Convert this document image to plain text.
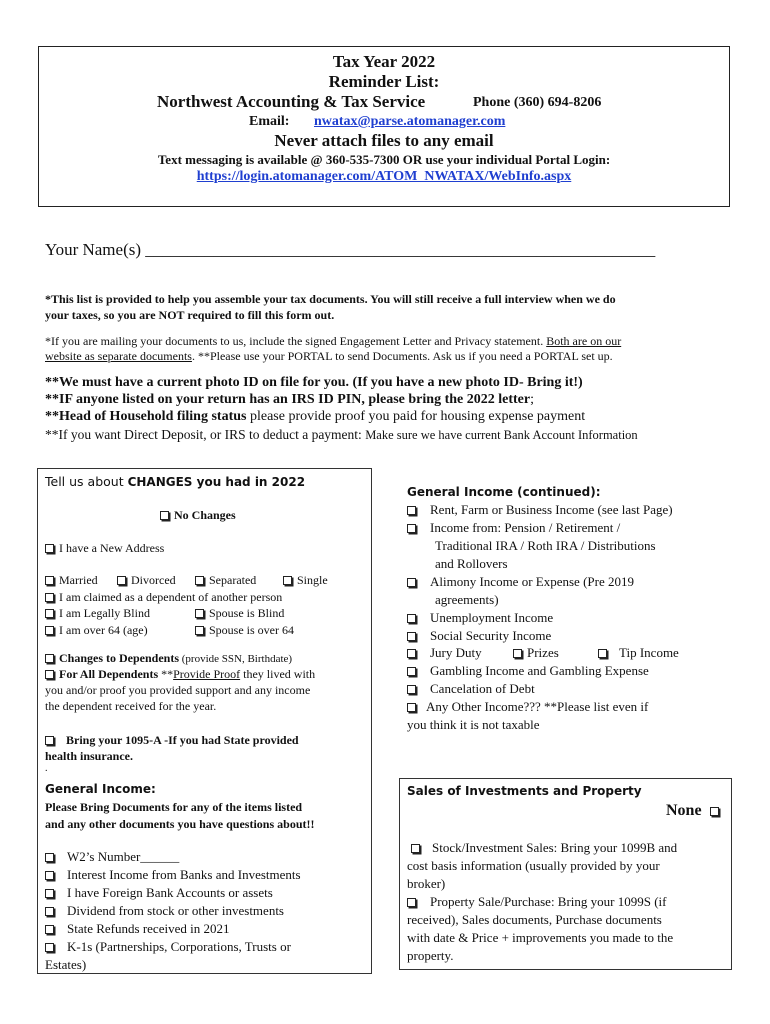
Tax Year 2022
Reminder List:
Northwest Accounting & Tax Service	Phone (360) 694-8206
Email: nwatax@parse.atomanager.com
Never attach files to any email
Text messaging is available @ 360-535-7300 OR use your individual Portal Login:
https://login.atomanager.com/ATOM_NWATAX/WebInfo.aspx
Your Name(s) ____________________________________________________________
*This list is provided to help you assemble your tax documents. You will still receive a full interview when we do
your taxes, so you are NOT required to fill this form out.
*If you are mailing your documents to us, include the signed Engagement Letter and Privacy statement. Both are on our
website as separate documents. **Please use your PORTAL to send Documents. Ask us if you need a PORTAL set up.
**We must have a current photo ID on file for you. (If you have a new photo ID- Bring it!)
**IF anyone listed on your return has an IRS ID PIN, please bring the 2022 letter;
**Head of Household filing status please provide proof you paid for housing expense payment
**If you want Direct Deposit, or IRS to deduct a payment: Make sure we have current Bank Account Information
Tell us about CHANGES you had in 2022
No Changes
I have a New Address
Married	Divorced	Separated	Single
I am claimed as a dependent of another person
I am Legally Blind	Spouse is Blind
I am over 64 (age)	Spouse is over 64
Changes to Dependents (provide SSN, Birthdate)
For All Dependents **Provide Proof they lived with
you and/or proof you provided support and any income
the dependent received for the year.
Bring your 1095-A -If you had State provided
health insurance.
.
General Income:
Please Bring Documents for any of the items listed
and any other documents you have questions about!!
W2’s Number______
Interest Income from Banks and Investments
I have Foreign Bank Accounts or assets
Dividend from stock or other investments
State Refunds received in 2021
K-1s (Partnerships, Corporations, Trusts or
Estates)
General Income (continued):
Rent, Farm or Business Income (see last Page)
Income from: Pension / Retirement /
Traditional IRA / Roth IRA / Distributions
and Rollovers
Alimony Income or Expense (Pre 2019
agreements)
Unemployment Income
Social Security Income
Jury Duty	Prizes	Tip Income
Gambling Income and Gambling Expense
Cancelation of Debt
Any Other Income??? **Please list even if
you think it is not taxable
Sales of Investments and Property
None
Stock/Investment Sales: Bring your 1099B and
cost basis information (usually provided by your
broker)
Property Sale/Purchase: Bring your 1099S (if
received), Sales documents, Purchase documents
with date & Price + improvements you made to the
property.
